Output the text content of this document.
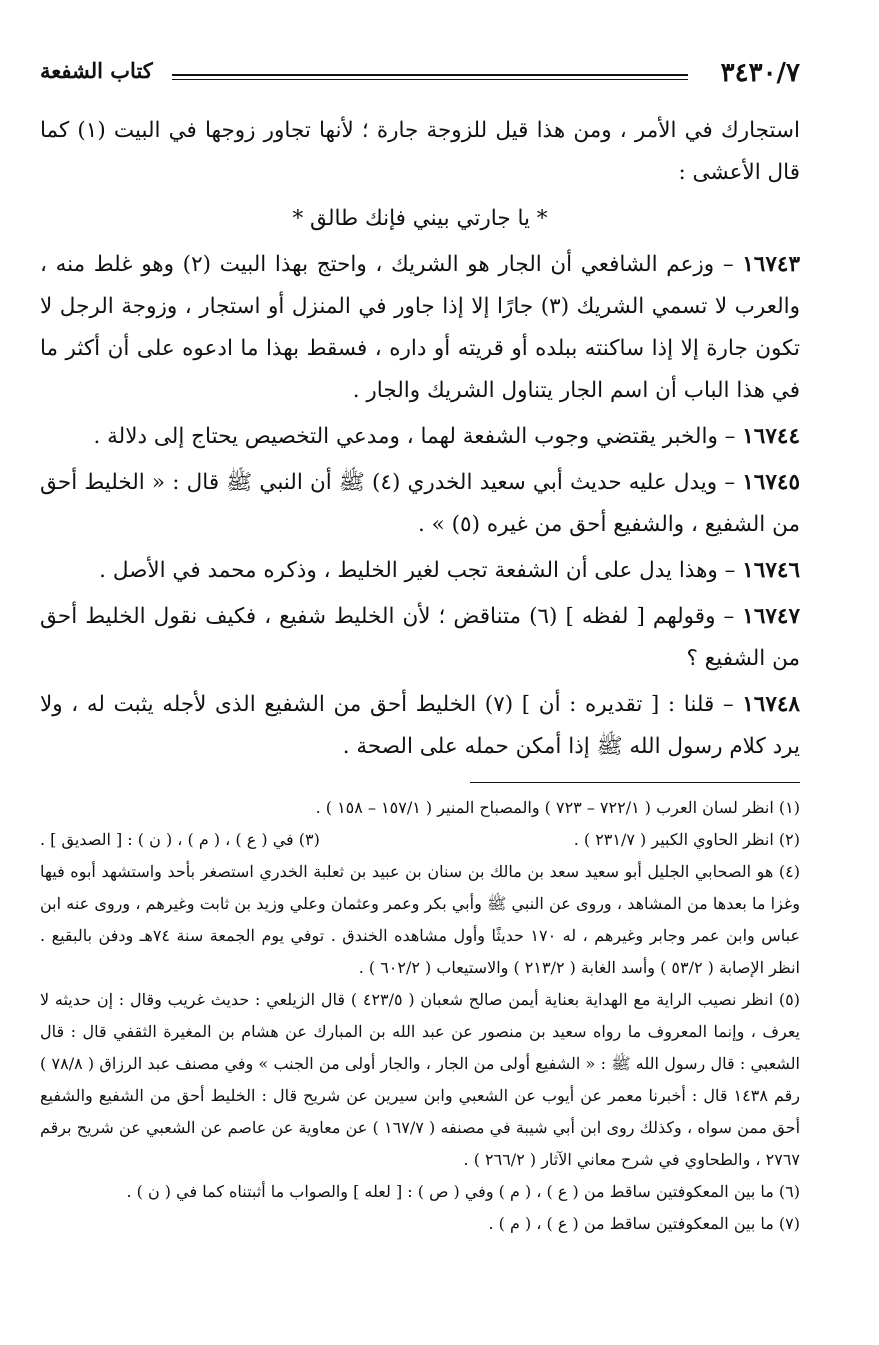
٣٤٣٠/٧
كتاب الشفعة

استجارك في الأمر ، ومن هذا قيل للزوجة جارة ؛ لأنها تجاور زوجها في البيت (١) كما قال الأعشى :

* يا جارتي بيني فإنك طالق *

١٦٧٤٣ – وزعم الشافعي أن الجار هو الشريك ، واحتج بهذا البيت (٢) وهو غلط منه ، والعرب لا تسمي الشريك (٣) جارًا إلا إذا جاور في المنزل أو استجار ، وزوجة الرجل لا تكون جارة إلا إذا ساكنته ببلده أو قريته أو داره ، فسقط بهذا ما ادعوه على أن أكثر ما في هذا الباب أن اسم الجار يتناول الشريك والجار .

١٦٧٤٤ – والخبر يقتضي وجوب الشفعة لهما ، ومدعي التخصيص يحتاج إلى دلالة .

١٦٧٤٥ – ويدل عليه حديث أبي سعيد الخدري (٤) ﷺ أن النبي ﷺ قال : « الخليط أحق من الشفيع ، والشفيع أحق من غيره (٥) » .

١٦٧٤٦ – وهذا يدل على أن الشفعة تجب لغير الخليط ، وذكره محمد في الأصل .

١٦٧٤٧ – وقولهم [ لفظه ] (٦) متناقض ؛ لأن الخليط شفيع ، فكيف نقول الخليط أحق من الشفيع ؟

١٦٧٤٨ – قلنا : [ تقديره : أن ] (٧) الخليط أحق من الشفيع الذى لأجله يثبت له ، ولا يرد كلام رسول الله ﷺ إذا أمكن حمله على الصحة .

(١) انظر لسان العرب ( ٧٢٢/١ – ٧٢٣ ) والمصباح المنير ( ١٥٧/١ – ١٥٨ ) .

(٢) انظر الحاوي الكبير ( ٢٣١/٧ ) .
(٣) في ( ع ) ، ( م ) ، ( ن ) : [ الصديق ] .

(٤) هو الصحابي الجليل أبو سعيد سعد بن مالك بن سنان بن عبيد بن ثعلبة الخدري استصغر بأحد واستشهد أبوه فيها وغزا ما بعدها من المشاهد ، وروى عن النبي ﷺ وأبي بكر وعمر وعثمان وعلي وزيد بن ثابت وغيرهم ، وروى عنه ابن عباس وابن عمر وجابر وغيرهم ، له ١٧٠ حديثًا وأول مشاهده الخندق . توفي يوم الجمعة سنة ٧٤هـ ودفن بالبقيع . انظر الإصابة ( ٥٣/٢ ) وأسد الغابة ( ٢١٣/٢ ) والاستيعاب ( ٦٠٢/٢ ) .

(٥) انظر نصيب الراية مع الهداية بعناية أيمن صالح شعبان ( ٤٢٣/٥ ) قال الزيلعي : حديث غريب وقال : إن حديثه لا يعرف ، وإنما المعروف ما رواه سعيد بن منصور عن عبد الله بن المبارك عن هشام بن المغيرة الثقفي قال : قال الشعبي : قال رسول الله ﷺ : « الشفيع أولى من الجار ، والجار أولى من الجنب » وفي مصنف عبد الرزاق ( ٧٨/٨ ) رقم ١٤٣٨ قال : أخبرنا معمر عن أيوب عن الشعبي وابن سيرين عن شريح قال : الخليط أحق من الشفيع والشفيع أحق ممن سواه ، وكذلك روى ابن أبي شيبة في مصنفه ( ١٦٧/٧ ) عن معاوية عن عاصم عن الشعبي عن شريح برقم ٢٧٦٧ ، والطحاوي في شرح معاني الآثار ( ٢٦٦/٢ ) .

(٦) ما بين المعكوفتين ساقط من ( ع ) ، ( م ) وفي ( ص ) : [ لعله ] والصواب ما أثبتناه كما في ( ن ) .

(٧) ما بين المعكوفتين ساقط من ( ع ) ، ( م ) .
